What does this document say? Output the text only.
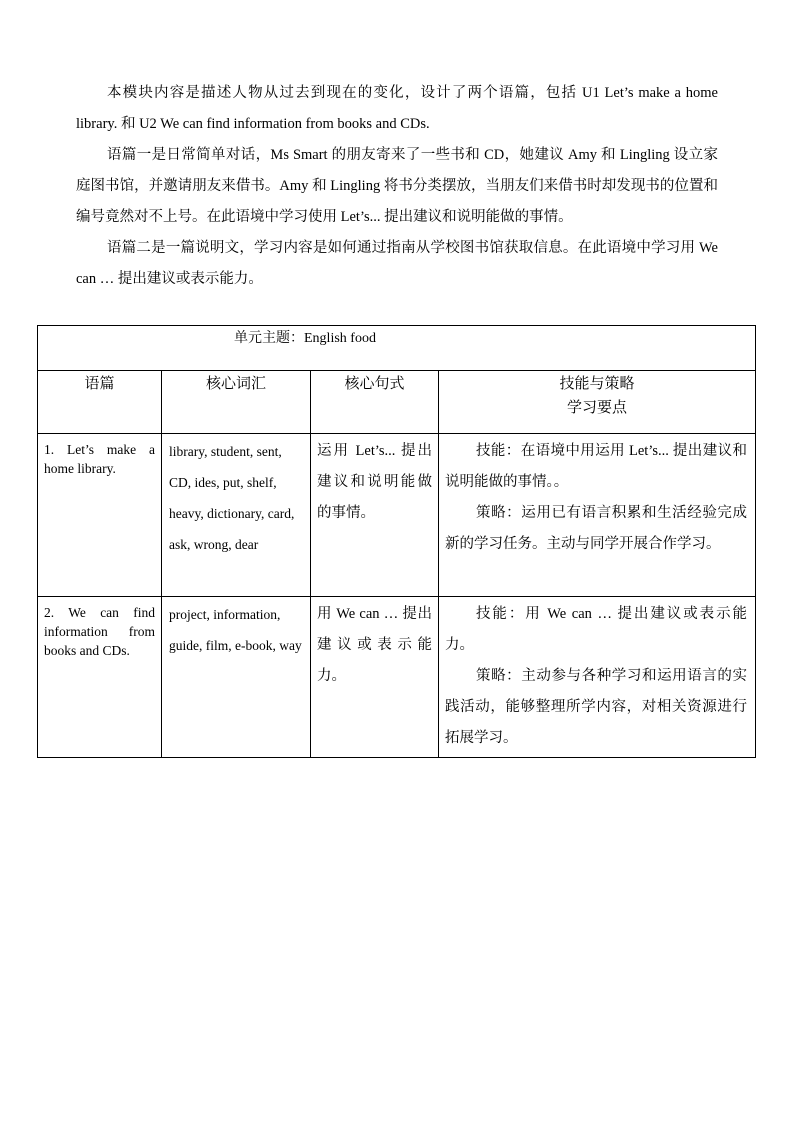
本模块内容是描述人物从过去到现在的变化，设计了两个语篇，包括 U1 Let’s make a home library. 和 U2 We can find information from books and CDs.

语篇一是日常简单对话，Ms Smart 的朋友寄来了一些书和 CD，她建议 Amy 和 Lingling 设立家庭图书馆，并邀请朋友来借书。Amy 和 Lingling 将书分类摆放，当朋友们来借书时却发现书的位置和编号竟然对不上号。在此语境中学习使用 Let’s... 提出建议和说明能做的事情。

语篇二是一篇说明文，学习内容是如何通过指南从学校图书馆获取信息。在此语境中学习用 We can … 提出建议或表示能力。

单元主题：English food			
语篇	核心词汇	核心句式	技能与策略
学习要点

1. Let’s make a home library.	library, student, sent, CD, ides, put, shelf, heavy, dictionary, card, ask, wrong, dear	运用 Let’s... 提出建议和说明能做的事情。	技能：在语境中用运用 Let’s... 提出建议和说明能做的事情。。

策略：运用已有语言积累和生活经验完成新的学习任务。主动与同学开展合作学习。

2. We can find information from books and CDs.	project, information, guide, film, e-book, way	用 We can … 提出建议或表示能力。	技能：用 We can … 提出建议或表示能力。

策略：主动参与各种学习和运用语言的实践活动，能够整理所学内容，对相关资源进行拓展学习。
